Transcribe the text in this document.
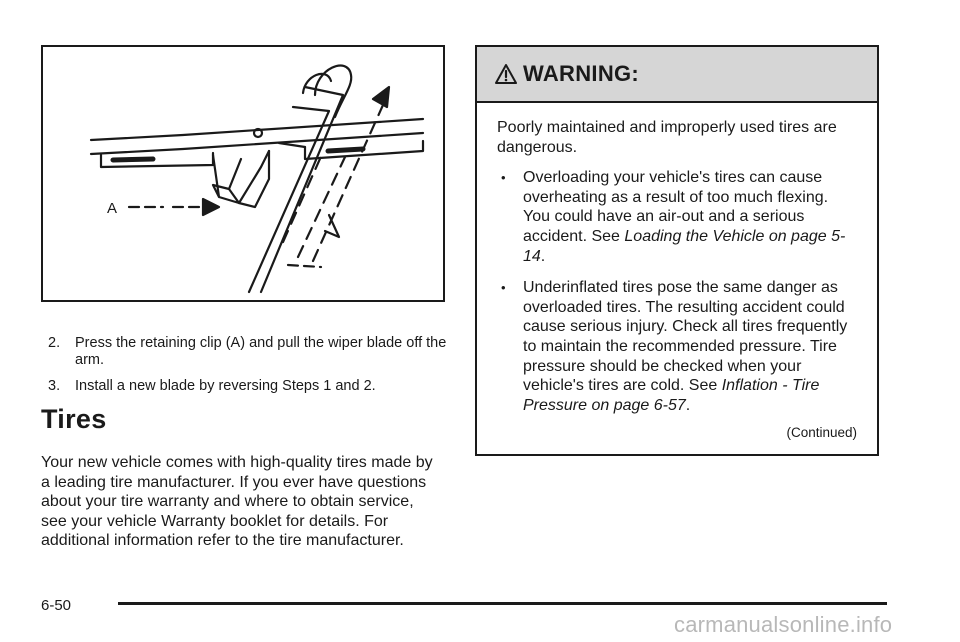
A
2. Press the retaining clip (A) and pull the wiper blade off the arm.
3. Install a new blade by reversing Steps 1 and 2.
Tires

Your new vehicle comes with high-quality tires made by a leading tire manufacturer. If you ever have questions about your tire warranty and where to obtain service, see your vehicle Warranty booklet for details. For additional information refer to the tire manufacturer.

WARNING:

Poorly maintained and improperly used tires are dangerous.

• Overloading your vehicle's tires can cause overheating as a result of too much flexing. You could have an air-out and a serious accident. See Loading the Vehicle on page 5-14.
• Underinflated tires pose the same danger as overloaded tires. The resulting accident could cause serious injury. Check all tires frequently to maintain the recommended pressure. Tire pressure should be checked when your vehicle's tires are cold. See Inflation - Tire Pressure on page 6-57.
(Continued)
6-50
carmanualsonline.info
